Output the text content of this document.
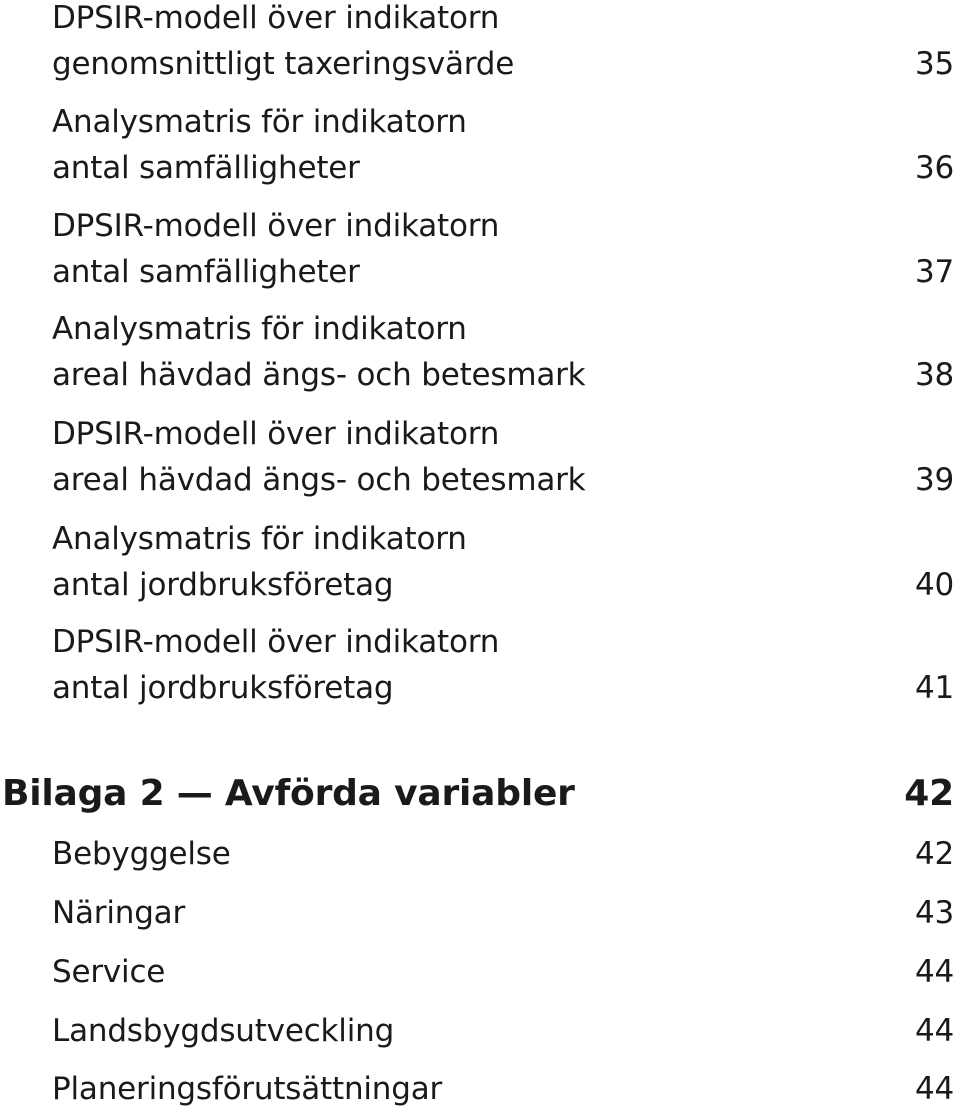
DPSIR-modell över indikatorn
genomsnittligt taxeringsvärde	35
Analysmatris för indikatorn
antal samfälligheter	36
DPSIR-modell över indikatorn
antal samfälligheter	37
Analysmatris för indikatorn
areal hävdad ängs- och betesmark	38
DPSIR-modell över indikatorn
areal hävdad ängs- och betesmark	39
Analysmatris för indikatorn
antal jordbruksföretag	40
DPSIR-modell över indikatorn
antal jordbruksföretag	41
Bilaga 2 — Avförda variabler	42
Bebyggelse	42
Näringar	43
Service	44
Landsbygdsutveckling	44
Planeringsförutsättningar	44
